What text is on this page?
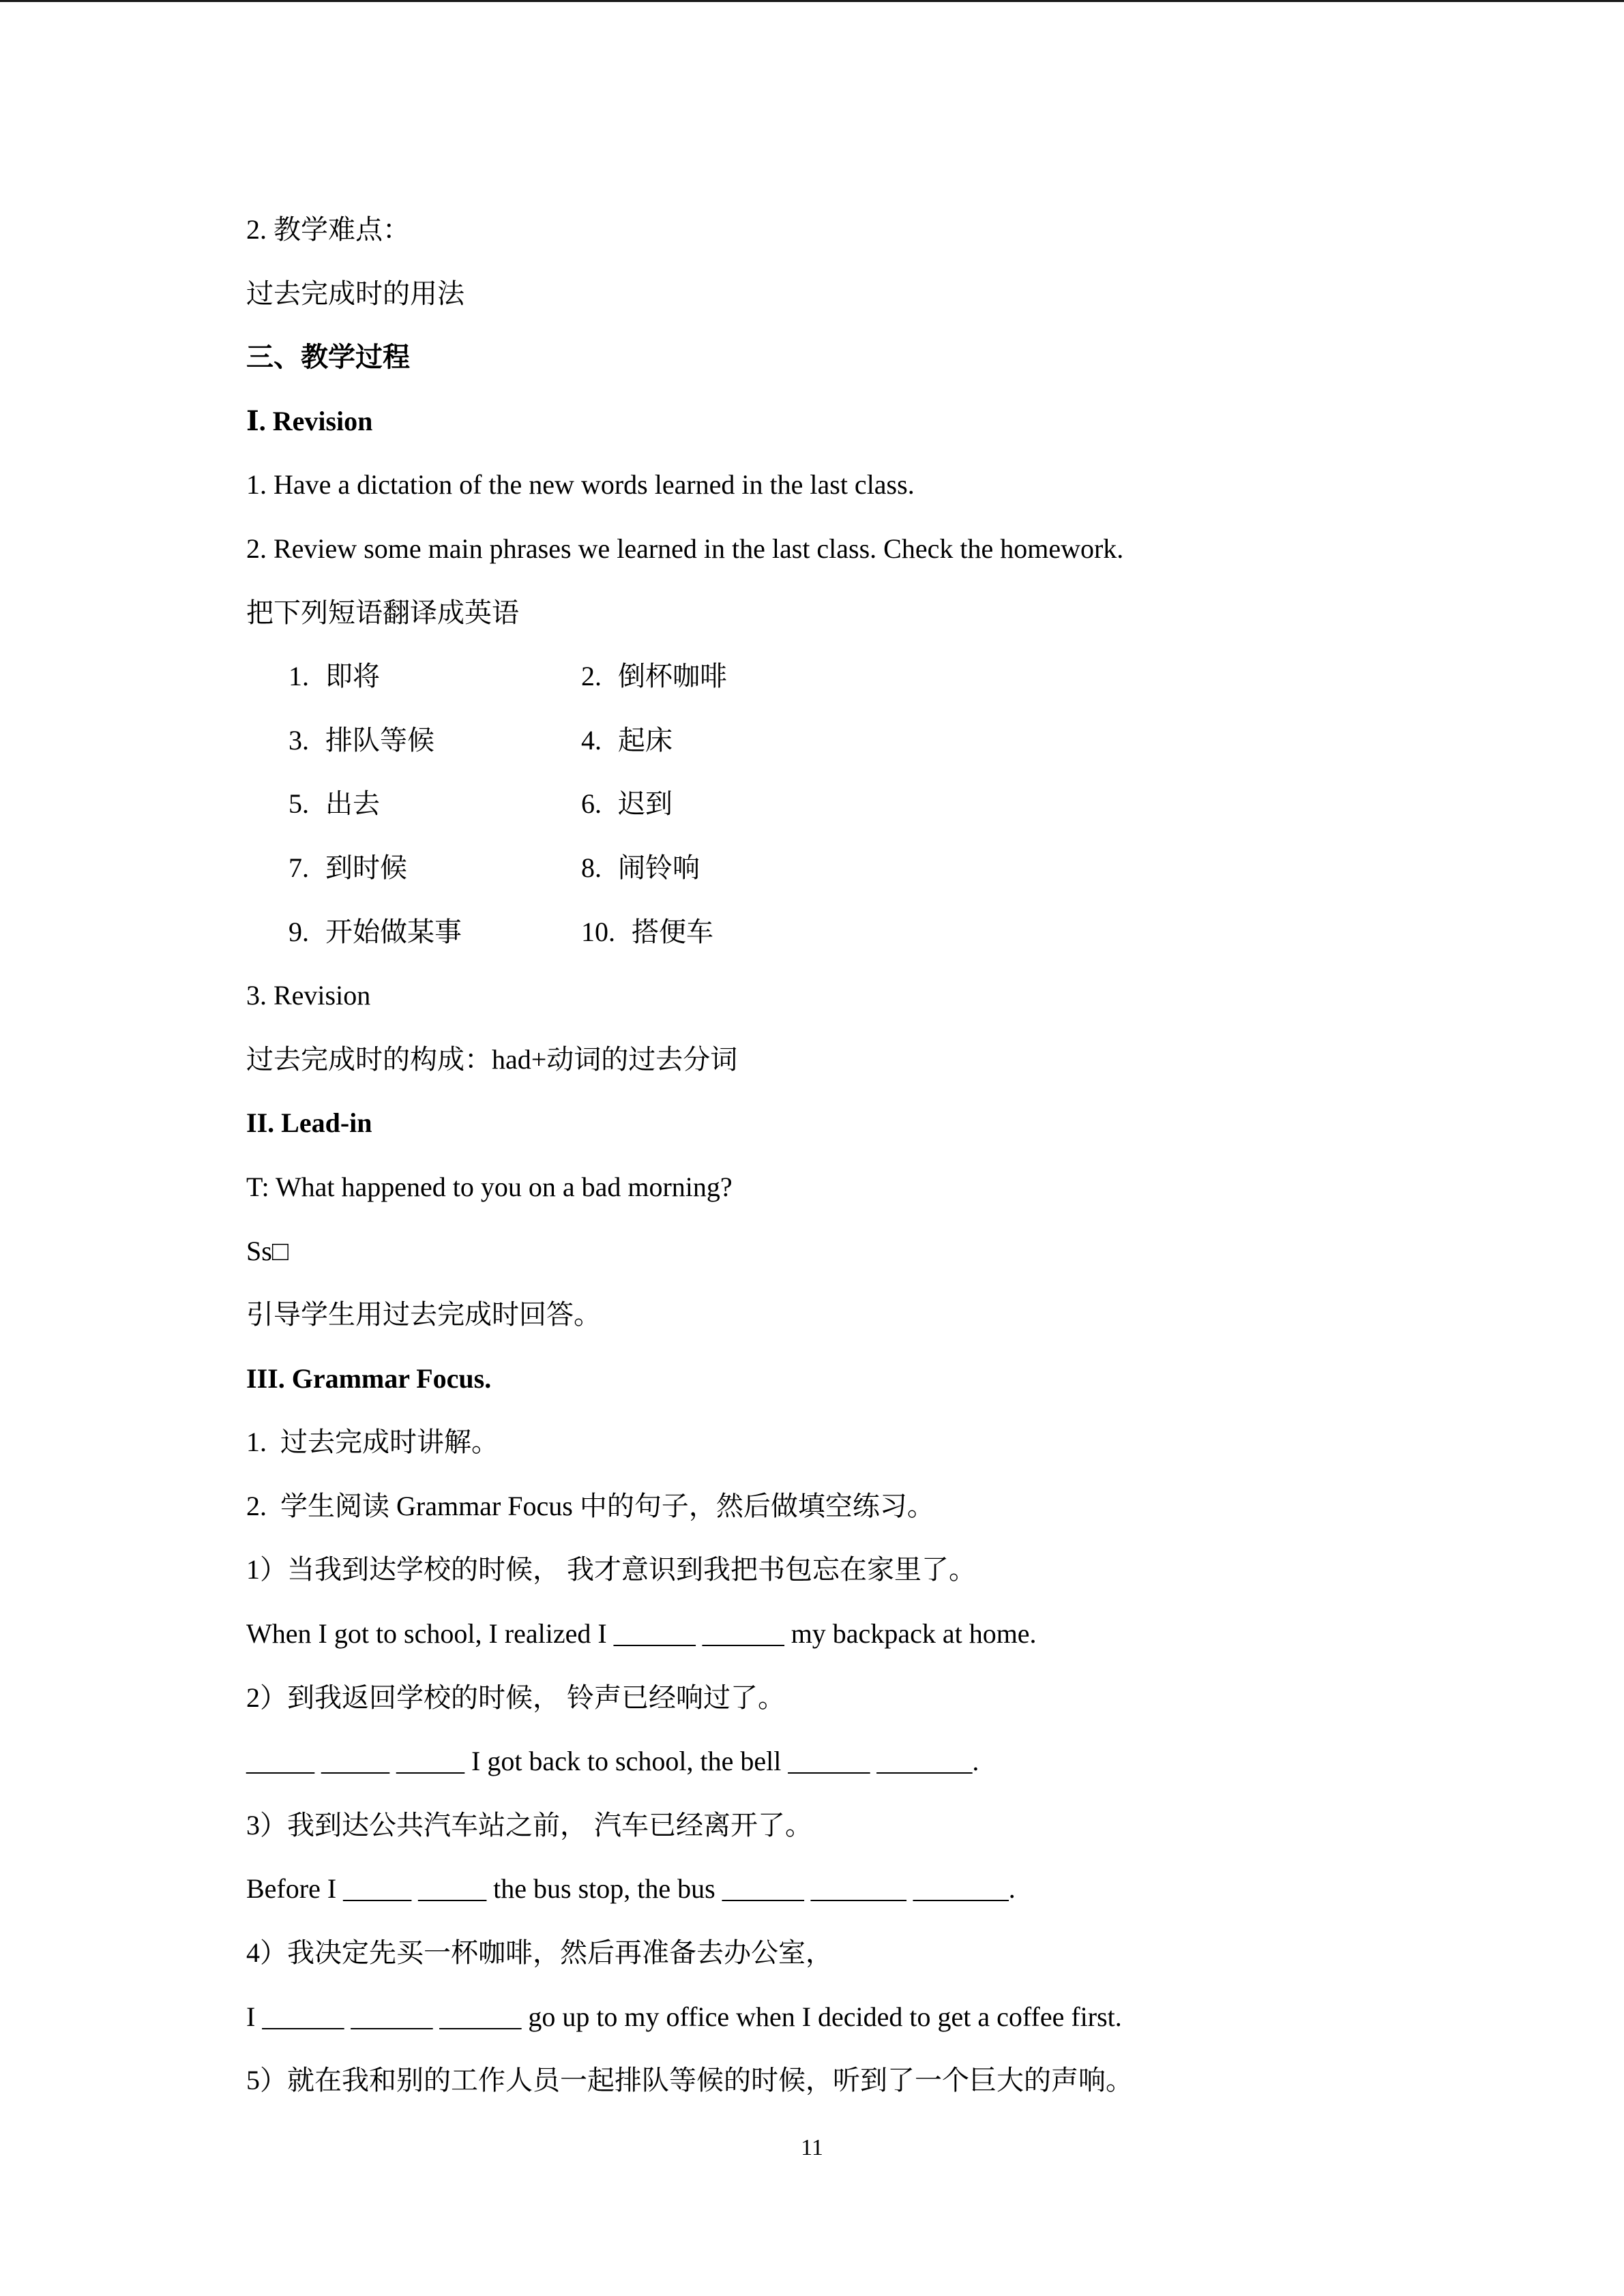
2. 教学难点：
过去完成时的用法
三、教学过程
Ⅰ. Revision
1. Have a dictation of the new words learned in the last class.
2. Review some main phrases we learned in the last class. Check the homework.
把下列短语翻译成英语
1. 即将	2. 倒杯咖啡
3. 排队等候	4. 起床
5. 出去	6. 迟到
7. 到时候	8. 闹铃响
9. 开始做某事	10. 搭便车
3. Revision
过去完成时的构成：had+动词的过去分词
II. Lead-in
T: What happened to you on a bad morning?
Ss□
引导学生用过去完成时回答。
III. Grammar Focus.
1.  过去完成时讲解。
2.  学生阅读 Grammar Focus 中的句子，然后做填空练习。
1）当我到达学校的时候， 我才意识到我把书包忘在家里了。
When I got to school, I realized I ______ ______ my backpack at home.
2）到我返回学校的时候， 铃声已经响过了。
_____ _____ _____ I got back to school, the bell ______ _______.
3）我到达公共汽车站之前， 汽车已经离开了。
Before I _____ _____ the bus stop, the bus ______ _______ _______.
4）我决定先买一杯咖啡，然后再准备去办公室，
I ______ ______ ______ go up to my office when I decided to get a coffee first.
5）就在我和别的工作人员一起排队等候的时候，听到了一个巨大的声响。
11
